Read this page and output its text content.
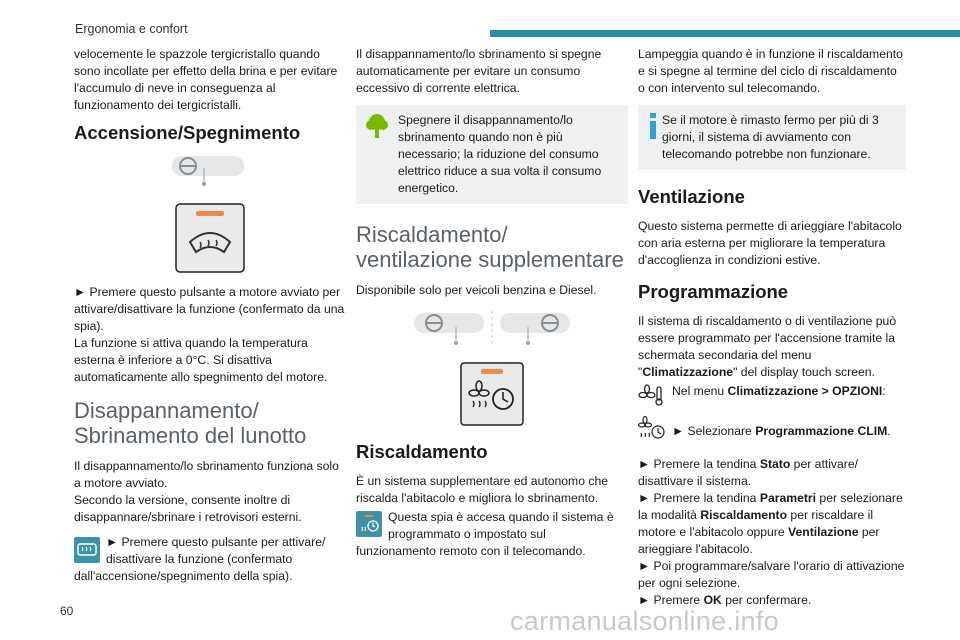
Ergonomia e confort

velocemente le spazzole tergicristallo quando sono incollate per effetto della brina e per evitare l'accumulo di neve in conseguenza al funzionamento dei tergicristalli.

Accensione/Spegnimento

► Premere questo pulsante a motore avviato per attivare/disattivare la funzione (confermato da una spia).
La funzione si attiva quando la temperatura esterna è inferiore a 0°C. Si disattiva automaticamente allo spegnimento del motore.

Disappannamento/ Sbrinamento del lunotto

Il disappannamento/lo sbrinamento funziona solo a motore avviato.
Secondo la versione, consente inoltre di disappannare/sbrinare i retrovisori esterni.

► Premere questo pulsante per attivare/ disattivare la funzione (confermato dall'accensione/spegnimento della spia).

Il disappannamento/lo sbrinamento si spegne automaticamente per evitare un consumo eccessivo di corrente elettrica.

Spegnere il disappannamento/lo sbrinamento quando non è più necessario; la riduzione del consumo elettrico riduce a sua volta il consumo energetico.

Riscaldamento/ ventilazione supplementare

Disponibile solo per veicoli benzina e Diesel.

Riscaldamento

È un sistema supplementare ed autonomo che riscalda l'abitacolo e migliora lo sbrinamento.

Questa spia è accesa quando il sistema è programmato o impostato sul funzionamento remoto con il telecomando.

Lampeggia quando è in funzione il riscaldamento e si spegne al termine del ciclo di riscaldamento o con intervento sul telecomando.

Se il motore è rimasto fermo per più di 3 giorni, il sistema di avviamento con telecomando potrebbe non funzionare.

Ventilazione

Questo sistema permette di arieggiare l'abitacolo con aria esterna per migliorare la temperatura d'accoglienza in condizioni estive.

Programmazione

Il sistema di riscaldamento o di ventilazione può essere programmato per l'accensione tramite la schermata secondaria del menu "Climatizzazione" del display touch screen.

Nel menu Climatizzazione > OPZIONI:

► Selezionare Programmazione CLIM.

► Premere la tendina Stato per attivare/ disattivare il sistema.

► Premere la tendina Parametri per selezionare la modalità Riscaldamento per riscaldare il motore e l'abitacolo oppure Ventilazione per arieggiare l'abitacolo.

► Poi programmare/salvare l'orario di attivazione per ogni selezione.

► Premere OK per confermare.

60	carmanualsonline.info
